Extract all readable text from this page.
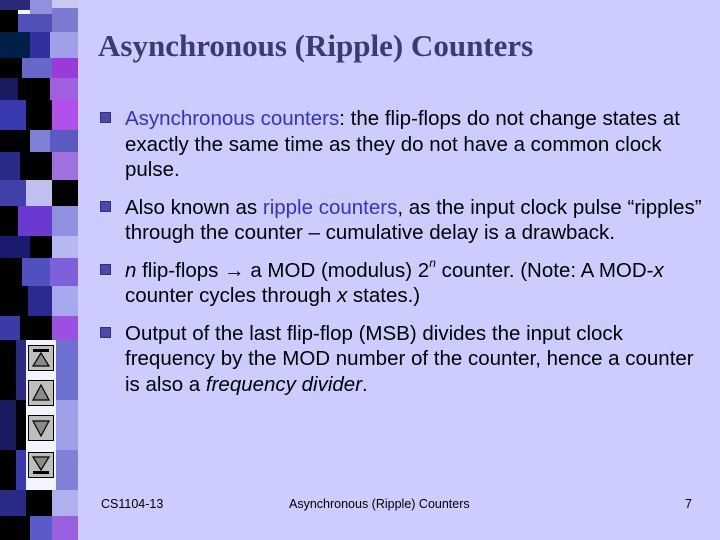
Asynchronous (Ripple) Counters
Asynchronous counters: the flip-flops do not change states at exactly the same time as they do not have a common clock pulse.
Also known as ripple counters, as the input clock pulse “ripples” through the counter – cumulative delay is a drawback.
n flip-flops → a MOD (modulus) 2$^n$ counter. (Note: A MOD-x counter cycles through x states.)
Output of the last flip-flop (MSB) divides the input clock frequency by the MOD number of the counter, hence a counter is also a frequency divider.
CS1104-13	Asynchronous (Ripple) Counters	7
